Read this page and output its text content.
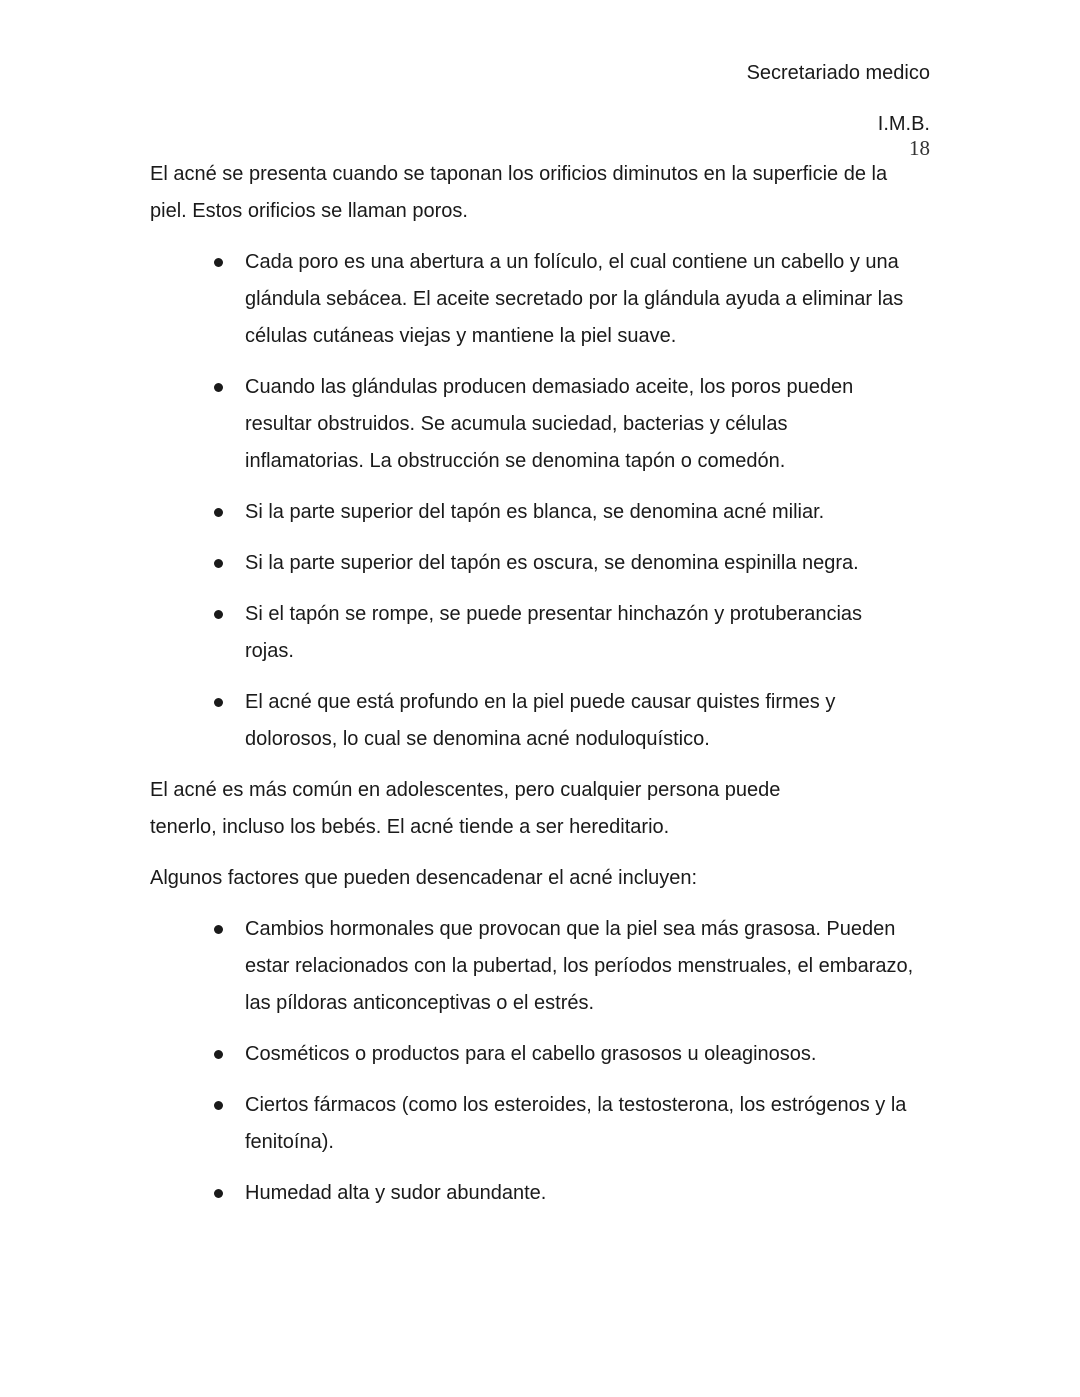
Secretariado medico
I.M.B.
18

El acné se presenta cuando se taponan los orificios diminutos en la superficie de la piel. Estos orificios se llaman poros.

Cada poro es una abertura a un folículo, el cual contiene un cabello y una glándula sebácea. El aceite secretado por la glándula ayuda a eliminar las células cutáneas viejas y mantiene la piel suave.
Cuando las glándulas producen demasiado aceite, los poros pueden resultar obstruidos. Se acumula suciedad, bacterias y células inflamatorias. La obstrucción se denomina tapón o comedón.
Si la parte superior del tapón es blanca, se denomina acné miliar.
Si la parte superior del tapón es oscura, se denomina espinilla negra.
Si el tapón se rompe, se puede presentar hinchazón y protuberancias rojas.
El acné que está profundo en la piel puede causar quistes firmes y dolorosos, lo cual se denomina acné noduloquístico.

El acné es más común en adolescentes, pero cualquier persona puede tenerlo, incluso los bebés. El acné tiende a ser hereditario.

Algunos factores que pueden desencadenar el acné incluyen:

Cambios hormonales que provocan que la piel sea más grasosa. Pueden estar relacionados con la pubertad, los períodos menstruales, el embarazo, las píldoras anticonceptivas o el estrés.
Cosméticos o productos para el cabello grasosos u oleaginosos.
Ciertos fármacos (como los esteroides, la testosterona, los estrógenos y la fenitoína).
Humedad alta y sudor abundante.
